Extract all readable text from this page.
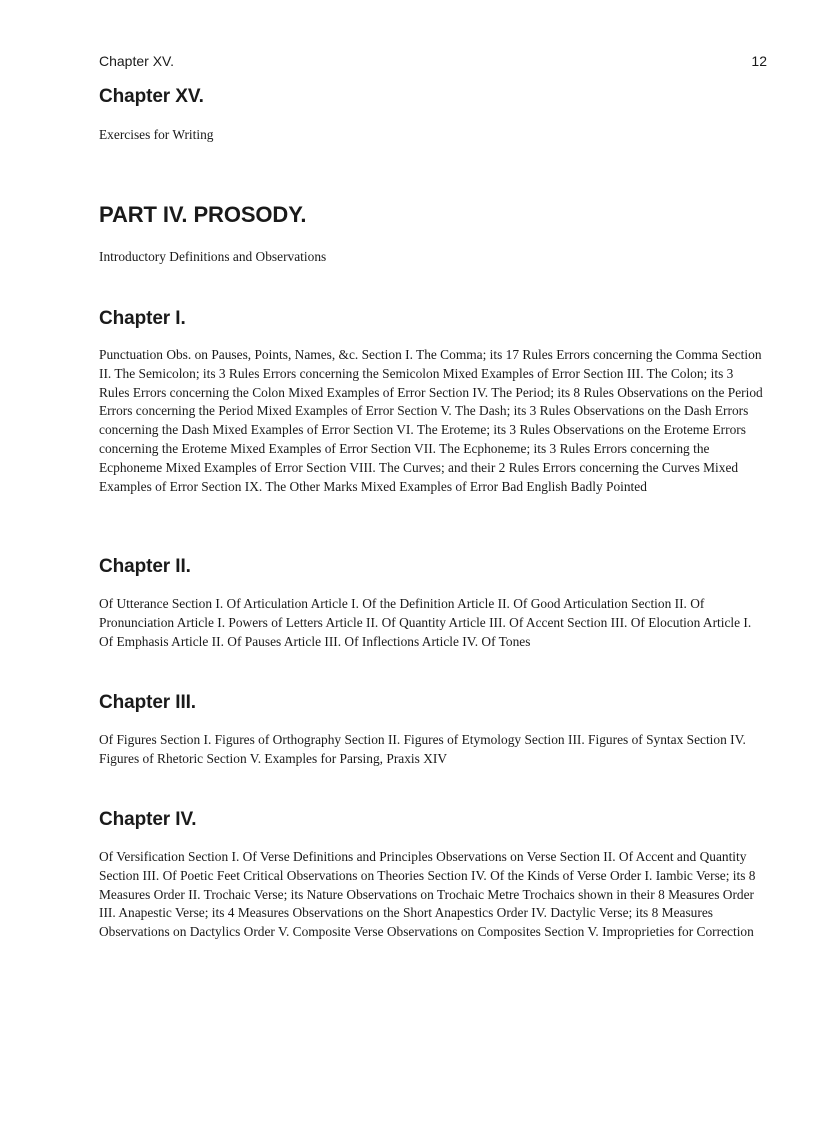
Chapter XV.	12
Chapter XV.

Exercises for Writing

PART IV. PROSODY.

Introductory Definitions and Observations

Chapter I.

Punctuation Obs. on Pauses, Points, Names, &c. Section I. The Comma; its 17 Rules Errors concerning the Comma Section II. The Semicolon; its 3 Rules Errors concerning the Semicolon Mixed Examples of Error Section III. The Colon; its 3 Rules Errors concerning the Colon Mixed Examples of Error Section IV. The Period; its 8 Rules Observations on the Period Errors concerning the Period Mixed Examples of Error Section V. The Dash; its 3 Rules Observations on the Dash Errors concerning the Dash Mixed Examples of Error Section VI. The Eroteme; its 3 Rules Observations on the Eroteme Errors concerning the Eroteme Mixed Examples of Error Section VII. The Ecphoneme; its 3 Rules Errors concerning the Ecphoneme Mixed Examples of Error Section VIII. The Curves; and their 2 Rules Errors concerning the Curves Mixed Examples of Error Section IX. The Other Marks Mixed Examples of Error Bad English Badly Pointed

Chapter II.

Of Utterance Section I. Of Articulation Article I. Of the Definition Article II. Of Good Articulation Section II. Of Pronunciation Article I. Powers of Letters Article II. Of Quantity Article III. Of Accent Section III. Of Elocution Article I. Of Emphasis Article II. Of Pauses Article III. Of Inflections Article IV. Of Tones

Chapter III.

Of Figures Section I. Figures of Orthography Section II. Figures of Etymology Section III. Figures of Syntax Section IV. Figures of Rhetoric Section V. Examples for Parsing, Praxis XIV

Chapter IV.

Of Versification Section I. Of Verse Definitions and Principles Observations on Verse Section II. Of Accent and Quantity Section III. Of Poetic Feet Critical Observations on Theories Section IV. Of the Kinds of Verse Order I. Iambic Verse; its 8 Measures Order II. Trochaic Verse; its Nature Observations on Trochaic Metre Trochaics shown in their 8 Measures Order III. Anapestic Verse; its 4 Measures Observations on the Short Anapestics Order IV. Dactylic Verse; its 8 Measures Observations on Dactylics Order V. Composite Verse Observations on Composites Section V. Improprieties for Correction
